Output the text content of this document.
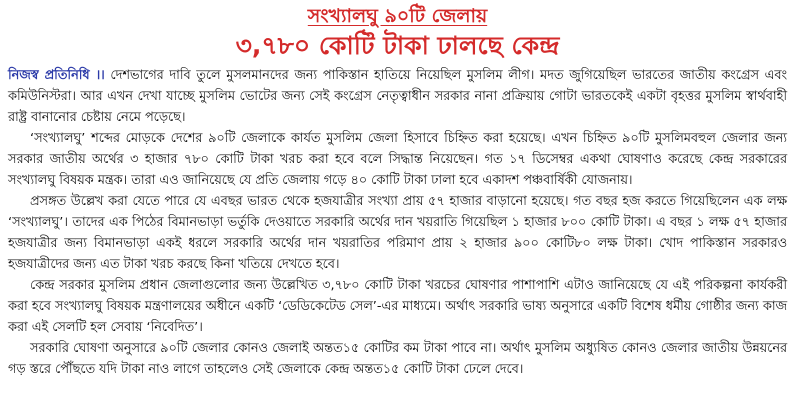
সংখ্যালঘু ৯০টি জেলায়
৩,৭৮০ কোটি টাকা ঢালছে কেন্দ্র

নিজস্ব প্রতিনিধি ।। দেশভাগের দাবি তুলে মুসলমানদের জন্য পাকিস্তান হাতিয়ে নিয়েছিল মুসলিম লীগ। মদত জুগিয়েছিল ভারতের জাতীয় কংগ্রেস এবং কমিউনিস্টরা। আর এখন দেখা যাচ্ছে মুসলিম ভোটের জন্য সেই কংগ্রেস নেতৃত্বাধীন সরকার নানা প্রক্রিয়ায় গোটা ভারতকেই একটা বৃহত্তর মুসলিম স্বার্থবাহী রাষ্ট্র বানানোর চেষ্টায় নেমে পড়েছে।

‘সংখ্যালঘু’ শব্দের মোড়কে দেশের ৯০টি জেলাকে কার্যত মুসলিম জেলা হিসাবে চিহ্নিত করা হয়েছে। এখন চিহ্নিত ৯০টি মুসলিমবহুল জেলার জন্য সরকার জাতীয় অর্থের ৩ হাজার ৭৮০ কোটি টাকা খরচ করা হবে বলে সিদ্ধান্ত নিয়েছেন। গত ১৭ ডিসেম্বর একথা ঘোষণাও করেছে কেন্দ্র সরকারের সংখ্যালঘু বিষয়ক মন্ত্রক। তারা এও জানিয়েছে যে প্রতি জেলায় গড়ে ৪০ কোটি টাকা ঢালা হবে একাদশ পঞ্চবার্ষিকী যোজনায়।

প্রসঙ্গত উল্লেখ করা যেতে পারে যে এবছর ভারত থেকে হজযাত্রীর সংখ্যা প্রায় ৫৭ হাজার বাড়ানো হয়েছে। গত বছর হজ করতে গিয়েছিলেন এক লক্ষ ‘সংখ্যালঘু’। তাদের এক পিঠের বিমানভাড়া ভর্তুকি দেওয়াতে সরকারি অর্থের দান খয়রাতি গিয়েছিল ১ হাজার ৮০০ কোটি টাকা। এ বছর ১ লক্ষ ৫৭ হাজার হজযাত্রীর জন্য বিমানভাড়া একই ধরলে সরকারি অর্থের দান খয়রাতির পরিমাণ প্রায় ২ হাজার ৯০০ কোটি৮০ লক্ষ টাকা। খোদ পাকিস্তান সরকারও হজযাত্রীদের জন্য এত টাকা খরচ করছে কিনা খতিয়ে দেখতে হবে।

কেন্দ্র সরকার মুসলিম প্রধান জেলাগুলোর জন্য উল্লেখিত ৩,৭৮০ কোটি টাকা খরচের ঘোষণার পাশাপাশি এটাও জানিয়েছে যে এই পরিকল্পনা কার্যকরী করা হবে সংখ্যালঘু বিষয়ক মন্ত্রণালয়ের অধীনে একটি ‘ডেডিকেটেড সেল’-এর মাধ্যমে। অর্থাৎ সরকারি ভাষ্য অনুসারে একটি বিশেষ ধর্মীয় গোষ্ঠীর জন্য কাজ করা এই সেলটি হল সেবায় ‘নিবেদিত’।

সরকারি ঘোষণা অনুসারে ৯০টি জেলার কোনও জেলাই অন্তত১৫ কোটির কম টাকা পাবে না। অর্থাৎ মুসলিম অধ্যুষিত কোনও জেলার জাতীয় উন্নয়নের গড় স্তরে পৌঁছতে যদি টাকা নাও লাগে তাহলেও সেই জেলাকে কেন্দ্র অন্তত১৫ কোটি টাকা ঢেলে দেবে।
